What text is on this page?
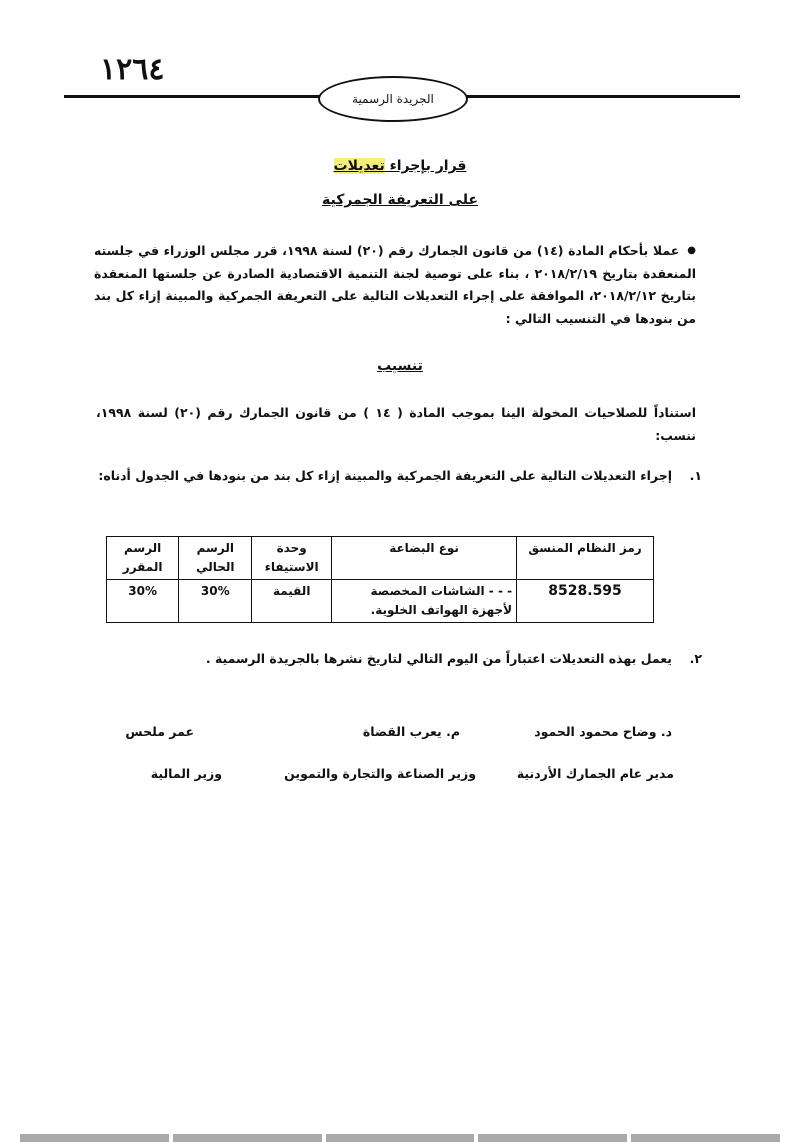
١٢٦٤
الجريدة الرسمية
قرار بإجراء تعديلات
على التعريفة الجمركية
●عملا بأحكام المادة (١٤) من قانون الجمارك رقم (٢٠) لسنة ١٩٩٨، قرر مجلس الوزراء في جلسته المنعقدة بتاريخ ٢٠١٨/٢/١٩ ، بناء على توصية لجنة التنمية الاقتصادية الصادرة عن جلستها المنعقدة بتاريخ ٢٠١٨/٢/١٢، الموافقة على إجراء التعديلات التالية على التعريفة الجمركية والمبينة إزاء كل بند من بنودها في التنسيب التالي :
تنسيب
استناداً للصلاحيات المخولة الينا بموجب المادة ( ١٤ ) من قانون الجمارك رقم (٢٠) لسنة ١٩٩٨، ننسب:
١.
إجراء التعديلات التالية على التعريفة الجمركية والمبينة إزاء كل بند من بنودها في الجدول أدناه:
رمز النظام المنسق	نوع البضاعة	وحدة الاستيفاء	الرسم الحالي	الرسم المقرر
8528.595	- - - الشاشات المخصصة لأجهزة الهواتف الخلوية.	القيمة	30%	30%
٢.
يعمل بهذه التعديلات اعتباراً من اليوم التالي لتاريخ نشرها بالجريدة الرسمية .
د. وضاح محمود الحمود
م. يعرب القضاة
عمر ملحس
مدير عام الجمارك الأردنية
وزير الصناعة والتجارة والتموين
وزير المالية
